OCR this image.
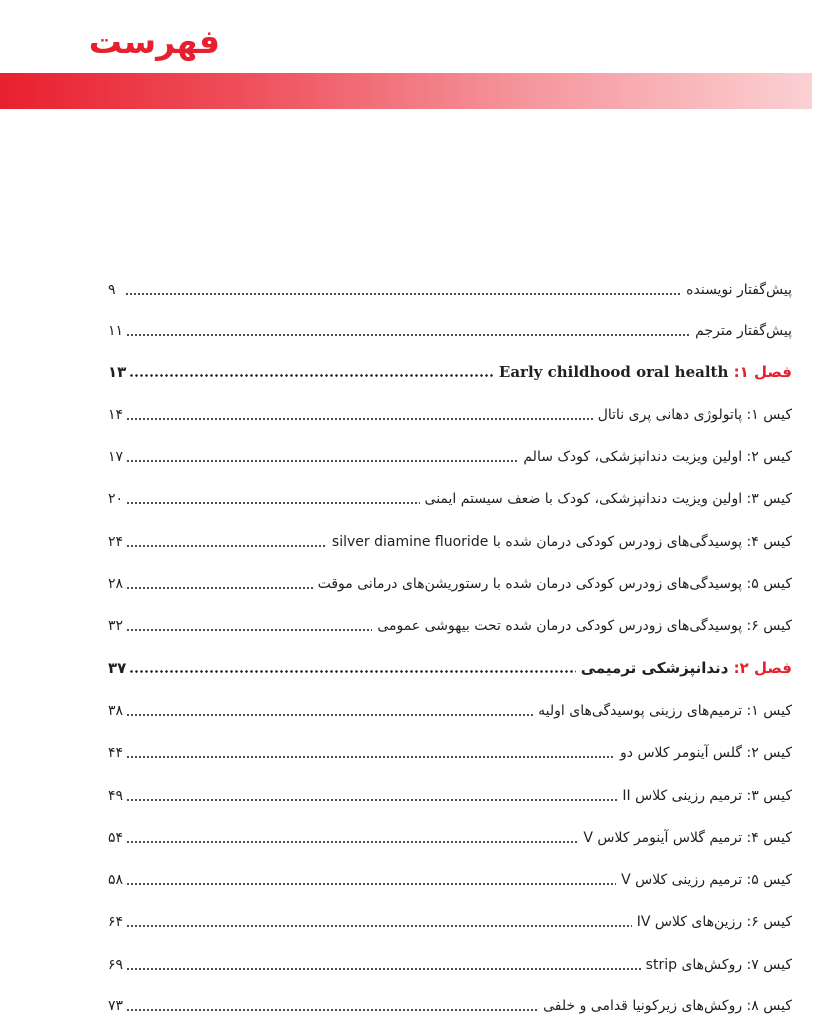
فهرست
پیش‌گفتار نویسنده
۹
پیش‌گفتار مترجم
۱۱
فصل ۱: Early childhood oral health
۱۳
کیس ۱: پاتولوژی دهانی پری ناتال
۱۴
کیس ۲: اولین ویزیت دندانپزشکی، کودک سالم
۱۷
کیس ۳: اولین ویزیت دندانپزشکی، کودک با ضعف سیستم ایمنی
۲۰
کیس ۴: پوسیدگی‌های زودرس کودکی درمان شده با silver diamine fluoride
۲۴
کیس ۵: پوسیدگی‌های زودرس کودکی درمان شده با رستوریشن‌های درمانی موقت
۲۸
کیس ۶: پوسیدگی‌های زودرس کودکی درمان شده تحت بیهوشی عمومی
۳۲
فصل ۲: دندانپزشکی ترمیمی
۳۷
کیس ۱: ترمیم‌های رزینی پوسیدگی‌های اولیه
۳۸
کیس ۲: گلس آینومر کلاس دو
۴۴
کیس ۳: ترمیم رزینی کلاس II
۴۹
کیس ۴: ترمیم گلاس آینومر کلاس V
۵۴
کیس ۵: ترمیم رزینی کلاس V
۵۸
کیس ۶: رزین‌های کلاس IV
۶۴
کیس ۷: روکش‌های strip
۶۹
کیس ۸: روکش‌های زیرکونیا قدامی و خلفی
۷۳
